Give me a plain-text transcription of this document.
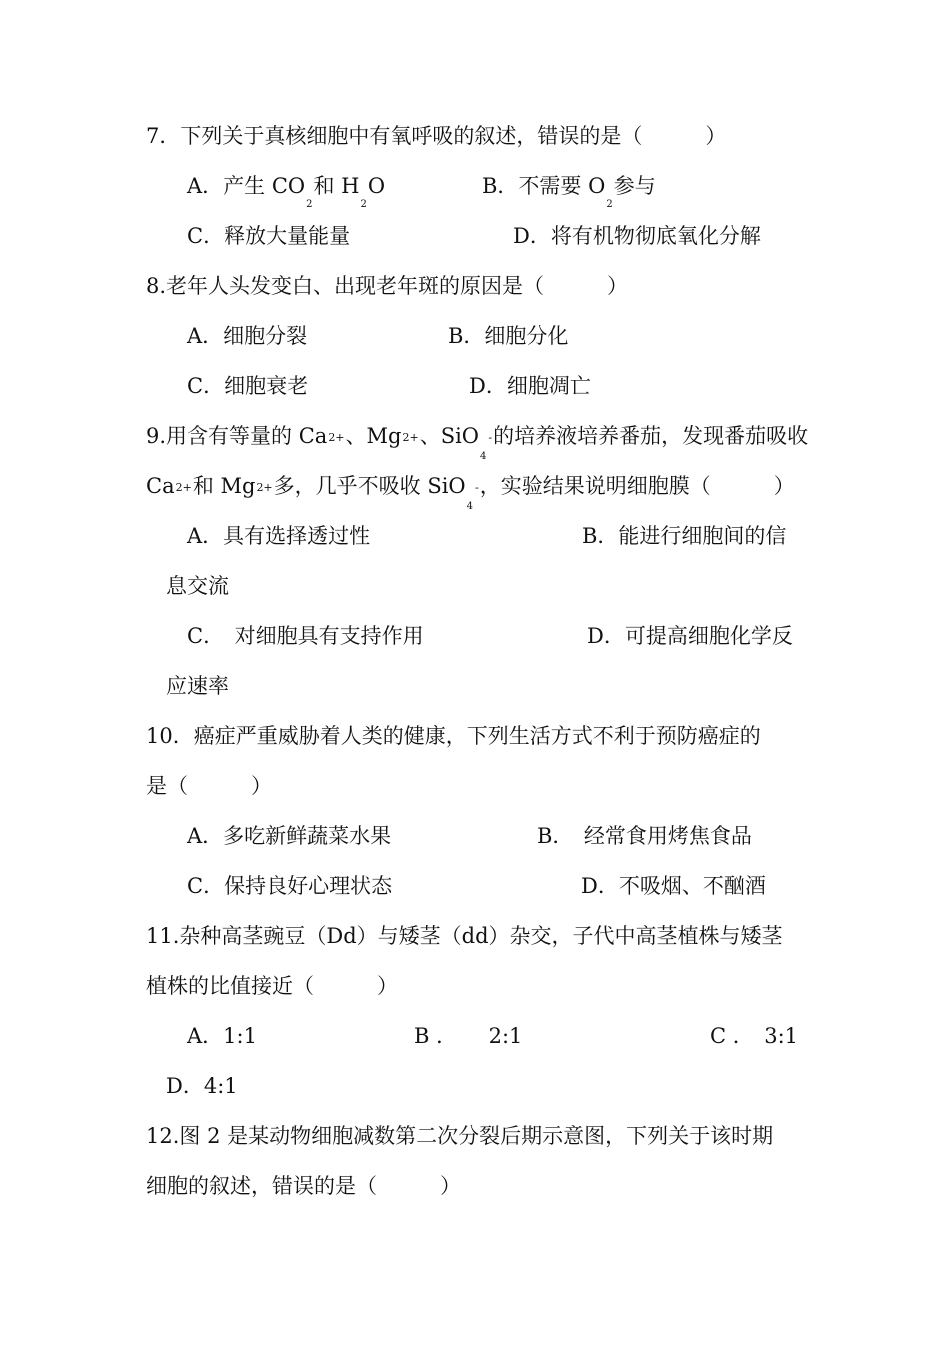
7．下列关于真核细胞中有氧呼吸的叙述，错误的是（　　　）
A．产生 $CO_2$和 $H_2O$	B．不需要 $O_2$参与
C．释放大量能量	D．将有机物彻底氧化分解
8.老年人头发变白、出现老年斑的原因是（　　　）
A．细胞分裂	B．细胞分化
C．细胞衰老	D．细胞凋亡
9.用含有等量的 Ca2+、Mg2+、SiO$_4$-的培养液培养番茄，发现番茄吸收
Ca2+和 Mg2+多，几乎不吸收 SiO$_4$-，实验结果说明细胞膜（　　　）
A．具有选择透过性	B．能进行细胞间的信
息交流
C．　对细胞具有支持作用	D．可提高细胞化学反
应速率
10．癌症严重威胁着人类的健康，下列生活方式不利于预防癌症的
是（　　　）
A．多吃新鲜蔬菜水果	B．　经常食用烤焦食品
C．保持良好心理状态	D．不吸烟、不酗酒
11.杂种高茎豌豆（Dd）与矮茎（dd）杂交，子代中高茎植株与矮茎
植株的比值接近（　　　）
A．1:1	B ．　　2:1	C ．　3:1
D．4:1
12.图 2 是某动物细胞减数第二次分裂后期示意图，下列关于该时期
细胞的叙述，错误的是（　　　）
